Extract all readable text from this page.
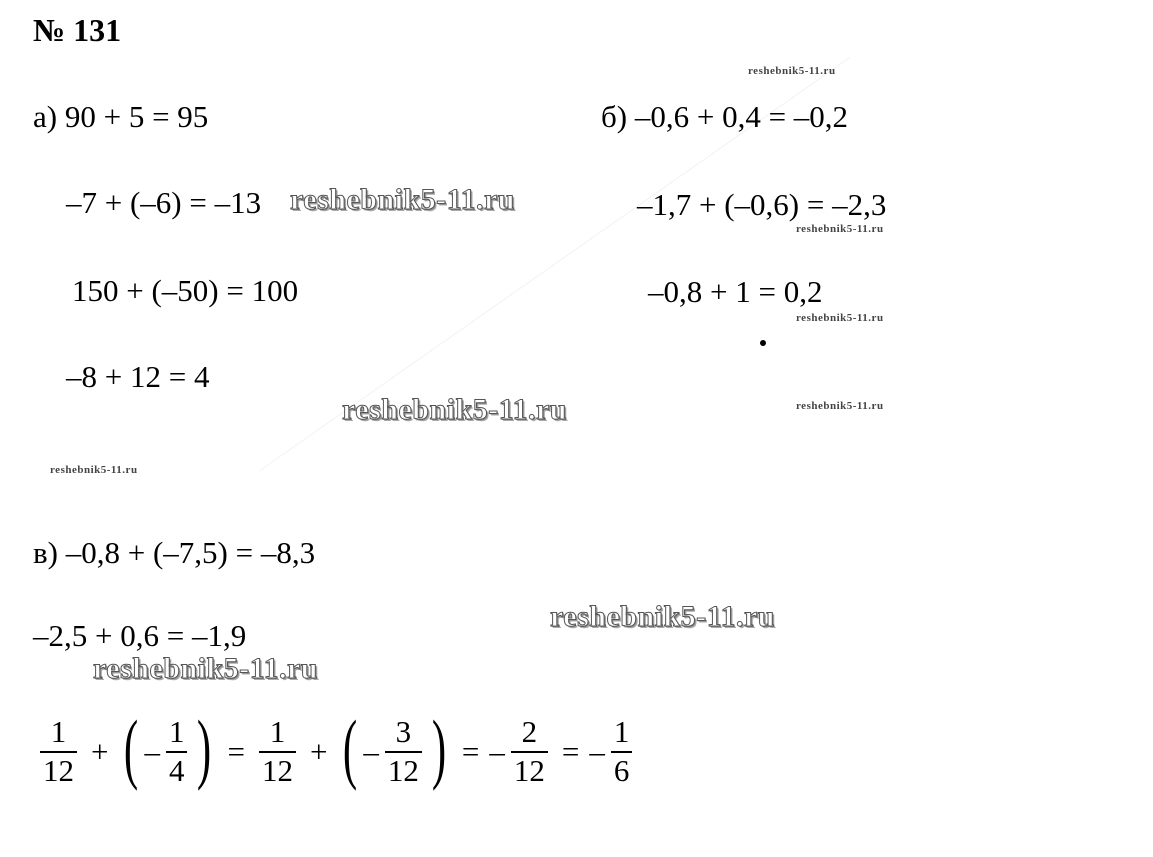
№ 131
а) 90 + 5 = 95
–7 + (–6) = –13
150 + (–50) = 100
–8 + 12 = 4
б) –0,6 + 0,4 = –0,2
–1,7 + (–0,6) = –2,3
–0,8 + 1 = 0,2
в) –0,8 + (–7,5) = –8,3
–2,5 + 0,6 = –1,9
$\frac{1}{12}$ + ( – $\frac{1}{4}$ ) = $\frac{1}{12}$ + ( – $\frac{3}{12}$ ) = – $\frac{2}{12}$ = – $\frac{1}{6}$
reshebnik5-11.ru
reshebnik5-11.ru
reshebnik5-11.ru
reshebnik5-11.ru
reshebnik5-11.ru	reshebnik5-11.ru
reshebnik5-11.ru
reshebnik5-11.ru
reshebnik5-11.ru
